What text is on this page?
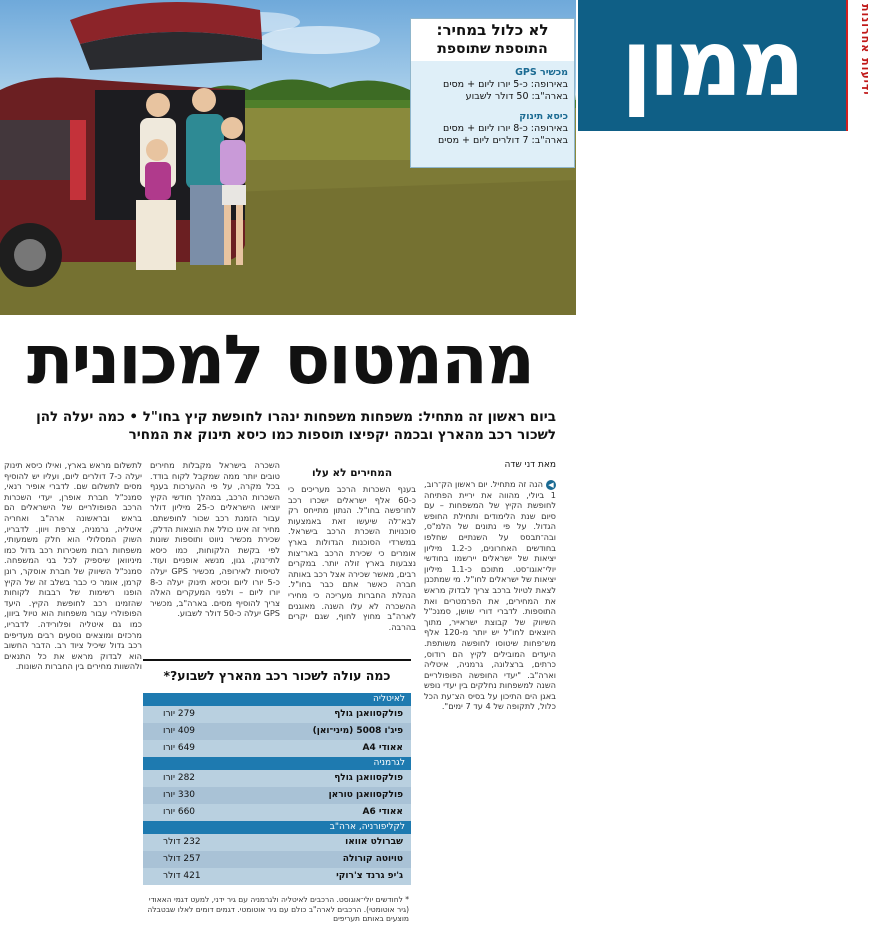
ממון	ידיעות אחרונות
לא כלול במחיר:
התוספת שתוספת
מכשיר GPS
באירופה: כ-5 יורו ליום + מסים
בארה"ב: 50 דולר לשבוע
כיסא תינוק
באירופה: כ-8 יורו ליום + מסים
בארה"ב: 7 דולרים ליום + מסים
מהמטוס למכונית
ביום ראשון זה מתחיל: משפחות משפחות ינהרו לחופשת קיץ בחו"ל • כמה יעלה להן
לשכור רכב מהארץ ובכמה יקפיצו תוספות כמו כיסא תינוק את המחיר
מאת דני שדה
◀הנה זה מתחיל. יום ראשון הק־רוב, 1 ביולי, מהווה את יריית הפתיחה לחופשת הקיץ של המשפחות – עם סיום שנת הלימודים ותחילת החופש הגדול. על פי נתונים של הלמ"ס, ובה־תבסס על השנתיים שחלפו בחודשים האחרונים, כ-1.2 מיליון יציאות של ישראלים יירשמו בחודשי יולי־אוגו־סט. מתוכם כ-1.1 מיליון יציאות של ישראלים לחו"ל. מי שמתכנן לצאת לטיול ברכב צריך לבדוק מראש את המחירים, את הפרמטרים ואת התוספות. לדברי דורי שושן, סמנכ"ל השיווק של קבוצת ישראייר, מתוך היוצאים לחו"ל יש יותר מ-120 אלף מש־פחות שיטוסו לחופשה משותפת. היעדים המובילים לקיץ הם רודוס, כרתים, ברצלונה, גרמניה, איטליה וארה"ב. "יעדי החופשה הפופולריים השנה למשפחות נחלקים בין יעדי נופש באגן הים התיכון על בסיס הצ־עת הכל כלול, לתקופה של 4 עד 7 ימים".
המחירים לא עלו
בענף השכרות הרכב מעריכים כי כ-60 אלף ישראלים ישכרו רכב לחו־פשה בחו"ל. הנתון מתייחס רק לבא־לה שיעשו זאת באמצעות סוכנויות השכרת הרכב בישראל. במשרדי הסוכנות הגדולות בארץ אומרים כי שכירת הרכב באר־צות נצבעות בארץ זולה יותר. במקרים רבים, מאשר שכירה אצל רכב באותה חברה כאשר אתם כבר בחו"ל. הנהלת החברות מעריכה כי מחירי ההשכרה לא עלו השנה. מאוגנים לארה"ב מחוץ לחוף, שגם יקרים בהרבה.
השכרה בישראל מקבלות מחירים טובים יותר ממה שמקבל לקוח בודד. בכל מקרה, על פי ההערכות בענף השכרות הרכב, במהלך חודשי הקיץ יוציאו הישראלים כ-25 מיליון דולר עבור הזמנת רכב שכור לחופשתם. מחיר זה אינו כולל את הוצאות הדלק, שכירת מכשיר ניווט ותוספות שונות לפי בקשת הלקוחות, כמו כיסא לתי־נוק, גגון, מנשא אופניים ועוד. לטיסות לאירופה, מכשיר GPS יעלה כ-5 יורו ליום וכיסא תינוק יעלה כ-8 יורו ליום – ולפני המעקרים האלה צריך להוסיף מסים. בארה"ב, מכשיר GPS יעלה כ-50 דולר לשבוע.
לתשלום מראש בארץ, ואילו כיסא תינוק יעלה כ-7 דולרים ליום, ועליו יש להוסיף מסים לתשלום שם. לדברי אופיר רנאי, סמנכ"ל חברת אופרן, יעדי השכרות הרכב הפופולריים של הישראלים הם בראש ובראשונה ארה"ב ואחריה איטליה, גרמניה, צרפת ויוון. לדבריו, השוק המסלולי הוא חלק משמעותי, משפחות רבות משכירות רכב גדול כמו מיניוואן שיספיק לכל בני המשפחה. סמנכ"ל השיווק של חברת אוסקר, רונן קרמן, אומר כי כבר בשלב זה של הקיץ הופנו רשימות של רבבות לקוחות שהזמינו רכב לחופשת הקיץ. היעד הפופולרי עבור משפחות הוא טיול ביוון, כמו גם איטליה ופלורידה. לדבריו, מרכזים ומוצאים נוסעים רבים מעדיפים רכב גדול שיכיל ציוד רב. הדבר החשוב הוא לבדוק מראש את כל התנאים ולהשוות מחירים בין החברות השונות.
כמה עולה לשכור רכב מהארץ לשבוע?*
לאיטליה
פולקסוואגן גולף
279 יורו
פיג'ו 5008 (מיני־ואן)
409 יורו
אאודי A4
649 יורו
לגרמניה
פולקסוואגן גולף
282 יורו
פולקסוואגן טוראן
330 יורו
אאודי A6
660 יורו
לקליפורניה, ארה"ב
שברולט אוואו
232 דולר
טויוטה קורולה
257 דולר
ג'יפ גרנד צ'רוקי
421 דולר
* לחודשים יולי־אוגוסט. הרכבים לאיטליה ולגרמניה עם גיר ידני, למעט דגמי האאודי (גיר אוטומטי). הרכבים לארה"ב כולם עם גיר אוטומטי. דגמים דומים לאלו שבטבלה מוצעים באותם תעריפים
